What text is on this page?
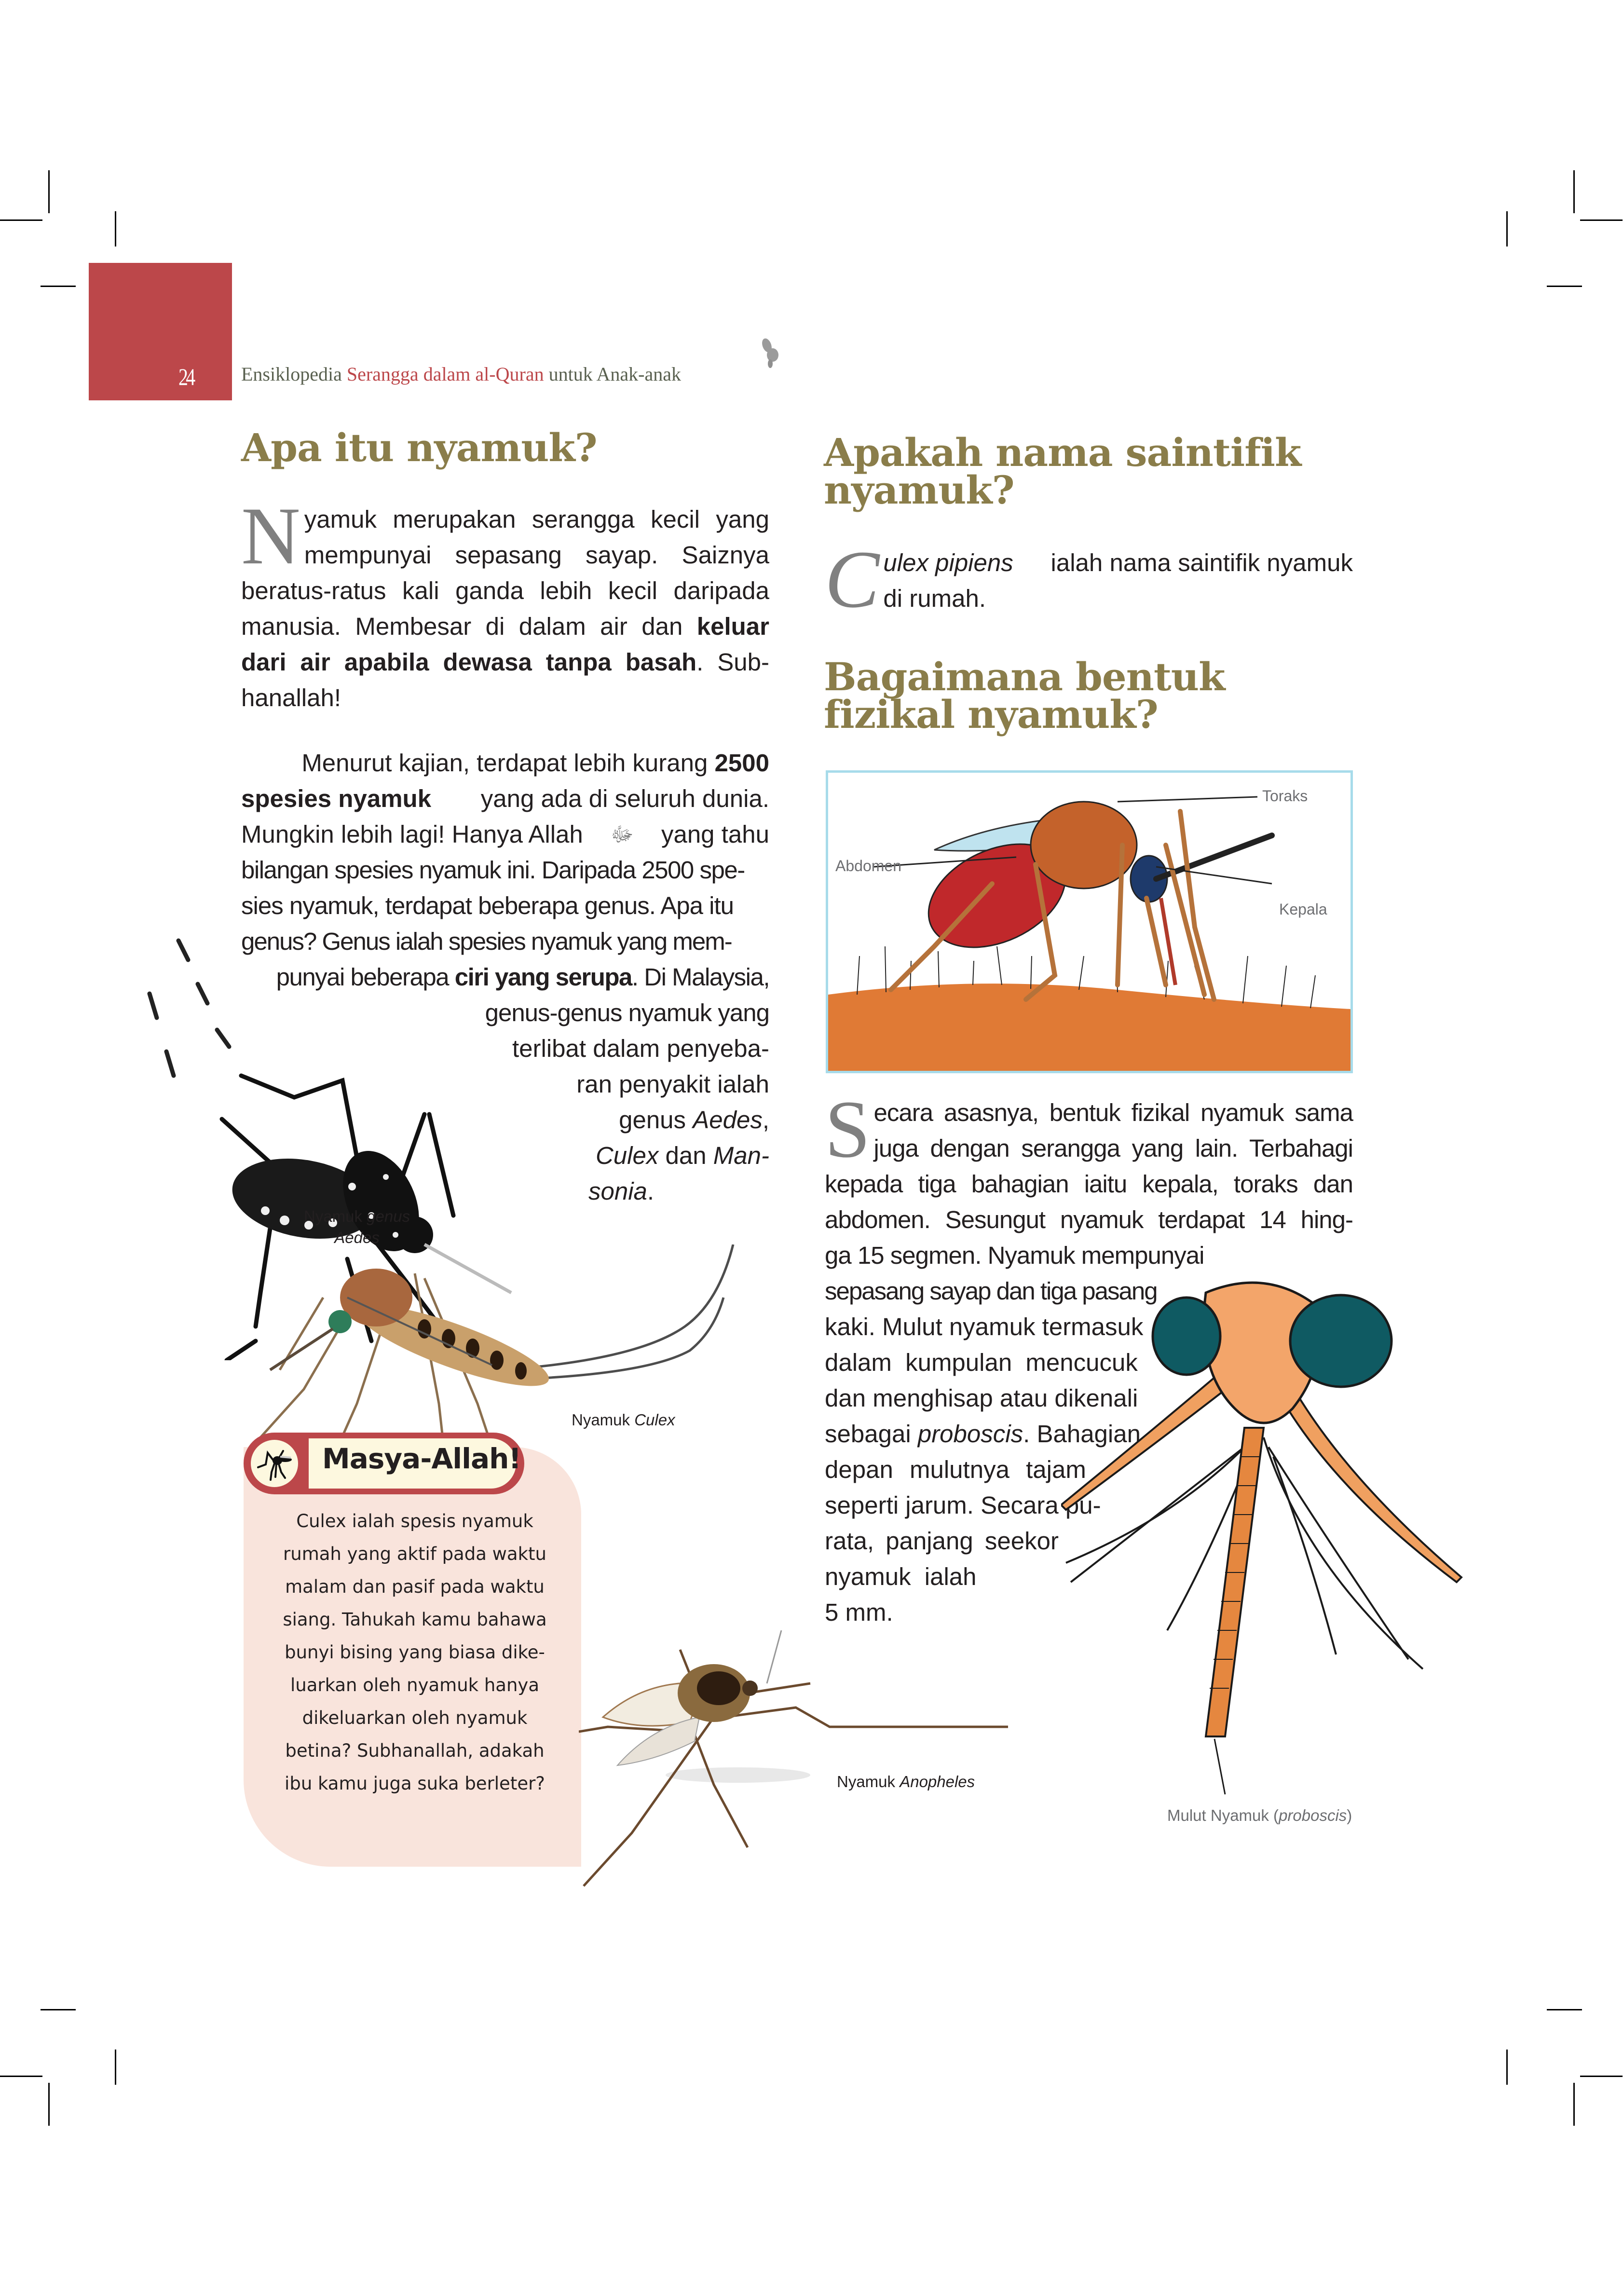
24 Ensiklopedia Serangga dalam al-Quran untuk Anak-anak
Apa itu nyamuk?
N yamuk merupakan serangga kecil yang mempunyai sepasang sayap. Saiznya beratus-ratus kali ganda lebih kecil daripada manusia. Membesar di dalam air dan keluar dari air apabila dewasa tanpa basah. Sub- hanallah!
Menurut kajian, terdapat lebih kurang 2500
spesies nyamuk yang ada di seluruh dunia.
Mungkin lebih lagi! Hanya Allah ﷻ yang tahu
bilangan spesies nyamuk ini. Daripada 2500 spe-
sies nyamuk, terdapat beberapa genus. Apa itu
genus? Genus ialah spesies nyamuk yang mem-
punyai beberapa ciri yang serupa. Di Malaysia,
genus-genus nyamuk yang
terlibat dalam penyeba-
ran penyakit ialah
genus Aedes,
Culex dan Man-
sonia.
Nyamuk genus
Aedes
Nyamuk Culex
Masya-Allah!
Culex ialah spesis nyamuk
rumah yang aktif pada waktu
malam dan pasif pada waktu
siang. Tahukah kamu bahawa
bunyi bising yang biasa dike-
luarkan oleh nyamuk hanya
dikeluarkan oleh nyamuk
betina? Subhanallah, adakah
ibu kamu juga suka berleter?	Nyamuk Anopheles
Apakah nama saintifik
nyamuk?
C ulex pipiens ialah nama saintifik nyamuk
di rumah.
Bagaimana bentuk
fizikal nyamuk?
Toraks
Abdomen
Kepala
S ecara asasnya, bentuk fizikal nyamuk sama
juga dengan serangga yang lain. Terbahagi
kepada tiga bahagian iaitu kepala, toraks dan
abdomen. Sesungut nyamuk terdapat 14 hing-
ga 15 segmen. Nyamuk mempunyai
sepasang sayap dan tiga pasang
kaki. Mulut nyamuk termasuk
dalam kumpulan mencucuk
dan menghisap atau dikenali
sebagai proboscis. Bahagian
depan mulutnya tajam
seperti jarum. Secara pu-
rata, panjang seekor
nyamuk ialah
5 mm.
Mulut Nyamuk (proboscis)
